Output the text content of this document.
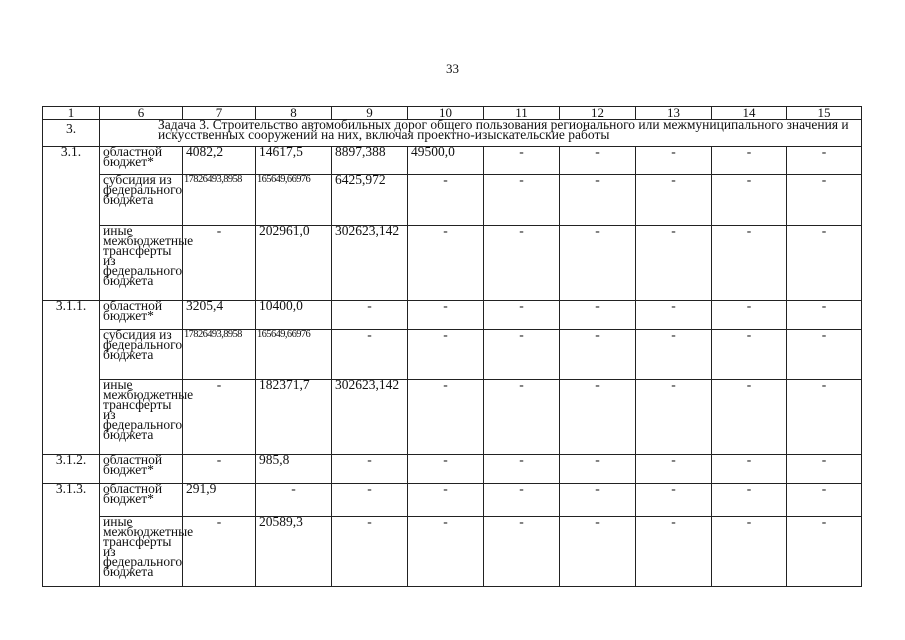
33
1	6	7	8	9	10	11	12	13	14	15
3.	Задача 3. Строительство автомобильных дорог общего пользования регионального или межмуниципального значения и искусственных сооружений на них, включая проектно-изыскательские работы									
3.1.	областной бюджет*	4082,2	14617,5	8897,388	49500,0	-	-	-	-	-
	субсидия из федерального бюджета	17826493,8958	165649,66976	6425,972	-	-	-	-	-	-
	иные межбюджетные трансферты из федерального бюджета	-	202961,0	302623,142	-	-	-	-	-	-
3.1.1.	областной бюджет*	3205,4	10400,0	-	-	-	-	-	-	-
	субсидия из федерального бюджета	17826493,8958	165649,66976	-	-	-	-	-	-	-
	иные межбюджетные трансферты из федерального бюджета	-	182371,7	302623,142	-	-	-	-	-	-
3.1.2.	областной бюджет*	-	985,8	-	-	-	-	-	-	-
3.1.3.	областной бюджет*	291,9	-	-	-	-	-	-	-	-
	иные межбюджетные трансферты из федерального бюджета	-	20589,3	-	-	-	-	-	-	-
